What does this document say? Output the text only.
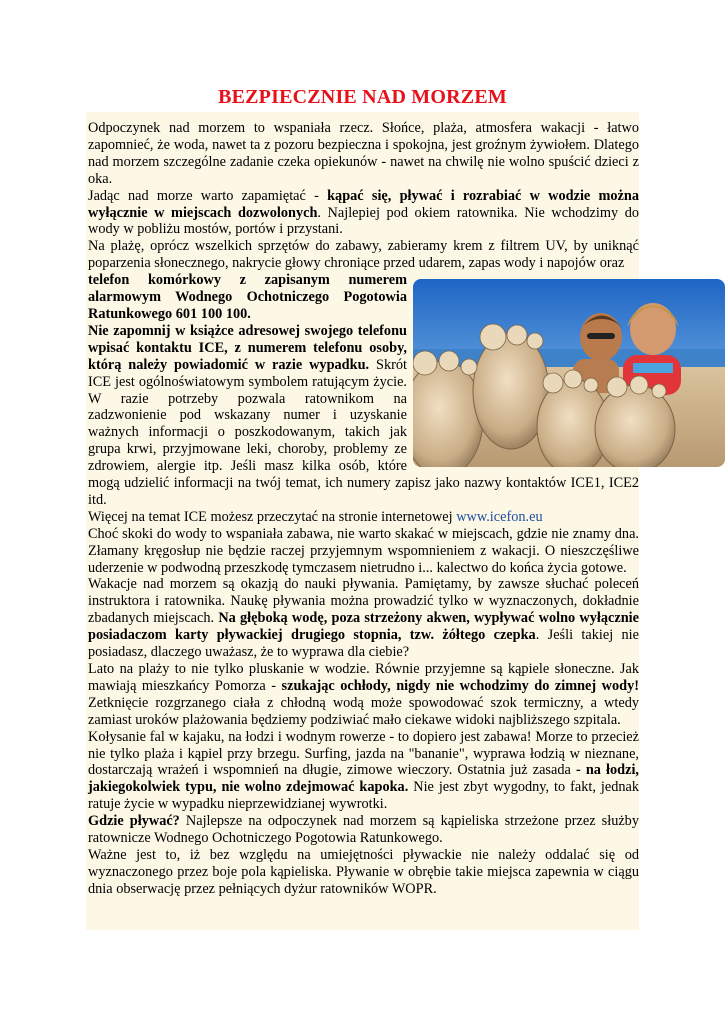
BEZPIECZNIE NAD MORZEM

Odpoczynek nad morzem to wspaniała rzecz. Słońce, plaża, atmosfera wakacji - łatwo zapomnieć, że woda, nawet ta z pozoru bezpieczna i spokojna, jest groźnym żywiołem. Dlatego nad morzem szczególne zadanie czeka opiekunów - nawet na chwilę nie wolno spuścić dzieci z oka.

Jadąc nad morze warto zapamiętać - kąpać się, pływać i rozrabiać w wodzie można wyłącznie w miejscach dozwolonych. Najlepiej pod okiem ratownika. Nie wchodzimy do wody w pobliżu mostów, portów i przystani.

Na plażę, oprócz wszelkich sprzętów do zabawy, zabieramy krem z filtrem UV, by uniknąć poparzenia słonecznego, nakrycie głowy chroniące przed udarem, zapas wody i napojów oraz

telefon komórkowy z zapisanym numerem alarmowym Wodnego Ochotniczego Pogotowia Ratunkowego 601 100 100.

Nie zapomnij w książce adresowej swojego telefonu wpisać kontaktu ICE, z numerem telefonu osoby, którą należy powiadomić w razie wypadku. Skrót ICE jest ogólnoświatowym symbolem ratującym życie. W razie potrzeby pozwala ratownikom na zadzwonienie pod wskazany numer i uzyskanie ważnych informacji o poszkodowanym, takich jak grupa krwi, przyjmowane leki, choroby, problemy ze zdrowiem, alergie itp. Jeśli masz kilka osób, które mogą udzielić informacji na twój temat, ich numery zapisz jako nazwy kontaktów ICE1, ICE2 itd.

Więcej na temat ICE możesz przeczytać na stronie internetowej www.icefon.eu

Choć skoki do wody to wspaniała zabawa, nie warto skakać w miejscach, gdzie nie znamy dna. Złamany kręgosłup nie będzie raczej przyjemnym wspomnieniem z wakacji. O nieszczęśliwe uderzenie w podwodną przeszkodę tymczasem nietrudno i... kalectwo do końca życia gotowe.

Wakacje nad morzem są okazją do nauki pływania. Pamiętamy, by zawsze słuchać poleceń instruktora i ratownika. Naukę pływania można prowadzić tylko w wyznaczonych, dokładnie zbadanych miejscach. Na głęboką wodę, poza strzeżony akwen, wypływać wolno wyłącznie posiadaczom karty pływackiej drugiego stopnia, tzw. żółtego czepka. Jeśli takiej nie posiadasz, dlaczego uważasz, że to wyprawa dla ciebie?

Lato na plaży to nie tylko pluskanie w wodzie. Równie przyjemne są kąpiele słoneczne. Jak mawiają mieszkańcy Pomorza - szukając ochłody, nigdy nie wchodzimy do zimnej wody! Zetknięcie rozgrzanego ciała z chłodną wodą może spowodować szok termiczny, a wtedy zamiast uroków plażowania będziemy podziwiać mało ciekawe widoki najbliższego szpitala.

Kołysanie fal w kajaku, na łodzi i wodnym rowerze - to dopiero jest zabawa! Morze to przecież nie tylko plaża i kąpiel przy brzegu. Surfing, jazda na "bananie", wyprawa łodzią w nieznane, dostarczają wrażeń i wspomnień na długie, zimowe wieczory. Ostatnia już zasada - na łodzi, jakiegokolwiek typu, nie wolno zdejmować kapoka. Nie jest zbyt wygodny, to fakt, jednak ratuje życie w wypadku nieprzewidzianej wywrotki.

Gdzie pływać? Najlepsze na odpoczynek nad morzem są kąpieliska strzeżone przez służby ratownicze Wodnego Ochotniczego Pogotowia Ratunkowego.

Ważne jest to, iż bez względu na umiejętności pływackie nie należy oddalać się od wyznaczonego przez boje pola kąpieliska. Pływanie w obrębie takie miejsca zapewnia w ciągu dnia obserwację przez pełniących dyżur ratowników WOPR.
